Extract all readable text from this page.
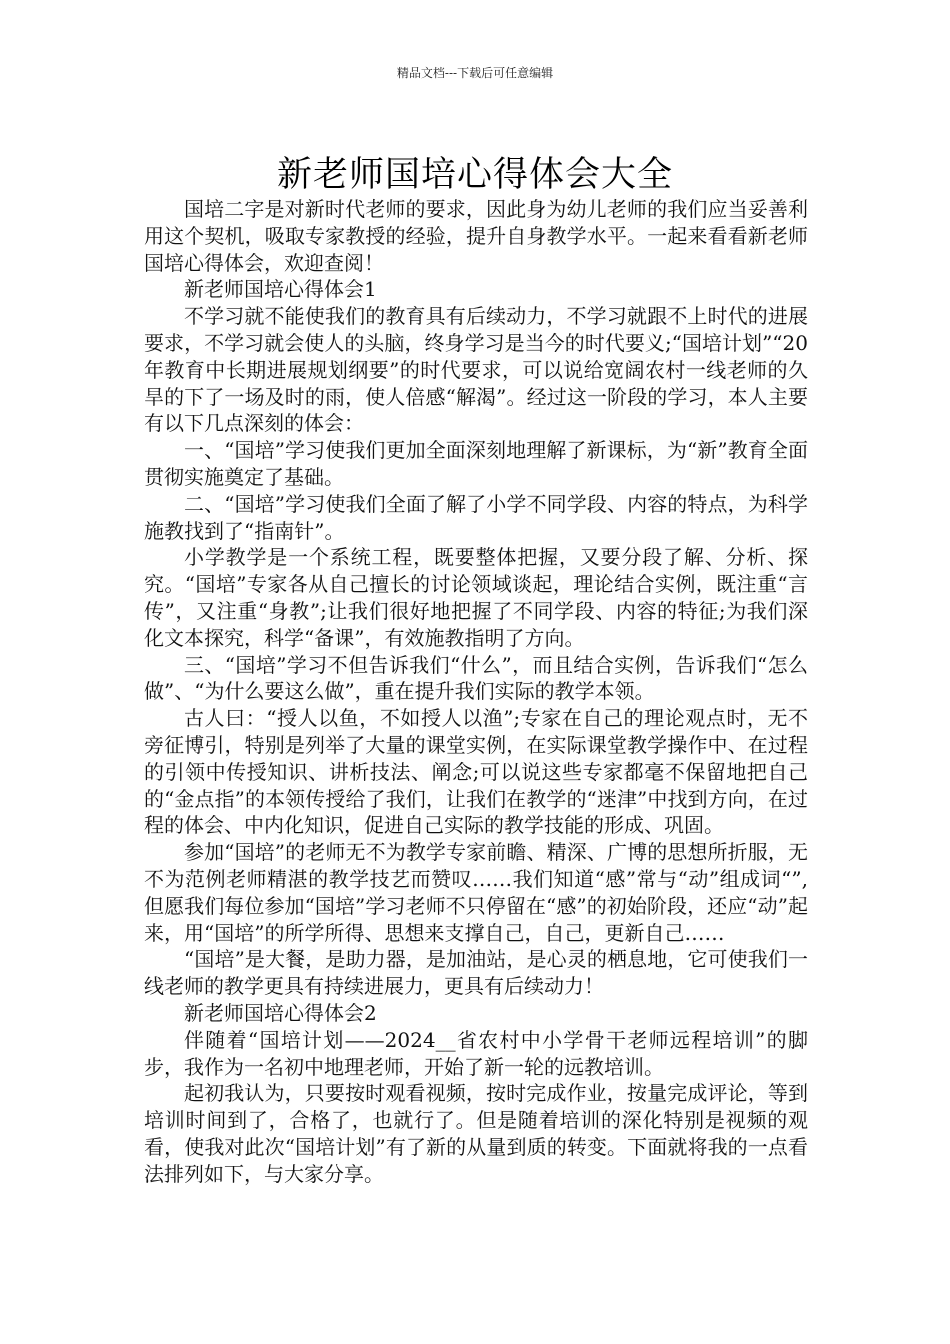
精品文档---下载后可任意编辑
新老师国培心得体会大全

国培二字是对新时代老师的要求，因此身为幼儿老师的我们应当妥善利用这个契机，吸取专家教授的经验，提升自身教学水平。一起来看看新老师国培心得体会，欢迎查阅！

新老师国培心得体会1

不学习就不能使我们的教育具有后续动力，不学习就跟不上时代的进展要求，不学习就会使人的头脑，终身学习是当今的时代要义;“国培计划”“20年教育中长期进展规划纲要”的时代要求，可以说给宽阔农村一线老师的久旱的下了一场及时的雨，使人倍感“解渴”。经过这一阶段的学习，本人主要有以下几点深刻的体会：

一、“国培”学习使我们更加全面深刻地理解了新课标，为“新”教育全面贯彻实施奠定了基础。

二、“国培”学习使我们全面了解了小学不同学段、内容的特点，为科学施教找到了“指南针”。

小学教学是一个系统工程，既要整体把握，又要分段了解、分析、探究。“国培”专家各从自己擅长的讨论领域谈起，理论结合实例，既注重“言传”，又注重“身教”;让我们很好地把握了不同学段、内容的特征;为我们深化文本探究，科学“备课”，有效施教指明了方向。

三、“国培”学习不但告诉我们“什么”，而且结合实例，告诉我们“怎么做”、“为什么要这么做”，重在提升我们实际的教学本领。

古人曰：“授人以鱼，不如授人以渔”;专家在自己的理论观点时，无不旁征博引，特别是列举了大量的课堂实例，在实际课堂教学操作中、在过程的引领中传授知识、讲析技法、阐念;可以说这些专家都毫不保留地把自己的“金点指”的本领传授给了我们，让我们在教学的“迷津”中找到方向，在过程的体会、中内化知识，促进自己实际的教学技能的形成、巩固。

参加“国培”的老师无不为教学专家前瞻、精深、广博的思想所折服，无不为范例老师精湛的教学技艺而赞叹……我们知道“感”常与“动”组成词“”,但愿我们每位参加“国培”学习老师不只停留在“感”的初始阶段，还应“动”起来，用“国培”的所学所得、思想来支撑自己，自己，更新自己……

“国培”是大餐，是助力器，是加油站，是心灵的栖息地，它可使我们一线老师的教学更具有持续进展力，更具有后续动力！

新老师国培心得体会2

伴随着“国培计划——2024__省农村中小学骨干老师远程培训”的脚步，我作为一名初中地理老师，开始了新一轮的远教培训。

起初我认为，只要按时观看视频，按时完成作业，按量完成评论，等到培训时间到了，合格了，也就行了。但是随着培训的深化特别是视频的观看，使我对此次“国培计划”有了新的从量到质的转变。下面就将我的一点看法排列如下，与大家分享。
